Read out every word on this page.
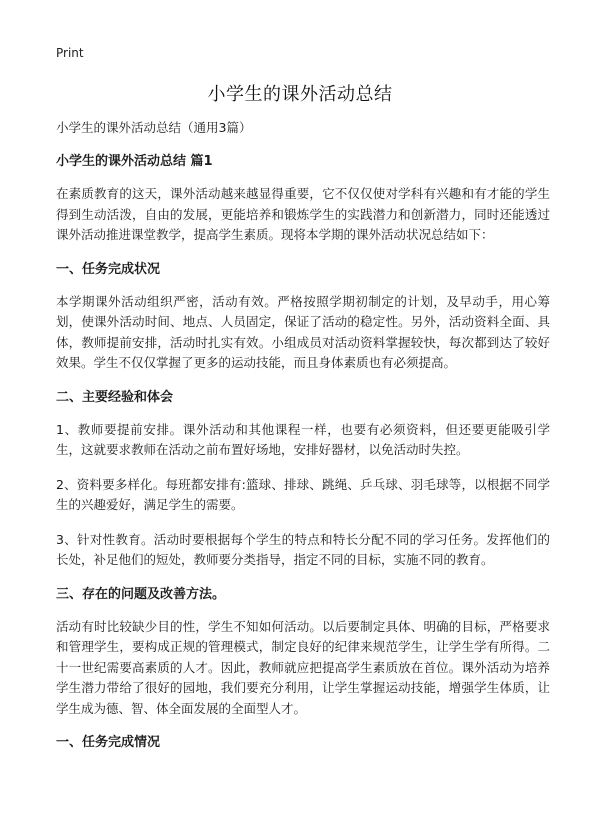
Print
小学生的课外活动总结

小学生的课外活动总结（通用3篇）

小学生的课外活动总结 篇1

在素质教育的这天，课外活动越来越显得重要，它不仅仅使对学科有兴趣和有才能的学生得到生动活泼，自由的发展，更能培养和锻炼学生的实践潜力和创新潜力，同时还能透过课外活动推进课堂教学，提高学生素质。现将本学期的课外活动状况总结如下：

一、任务完成状况

本学期课外活动组织严密，活动有效。严格按照学期初制定的计划，及早动手，用心筹划，使课外活动时间、地点、人员固定，保证了活动的稳定性。另外，活动资料全面、具体，教师提前安排，活动时扎实有效。小组成员对活动资料掌握较快，每次都到达了较好效果。学生不仅仅掌握了更多的运动技能，而且身体素质也有必须提高。

二、主要经验和体会

1、教师要提前安排。课外活动和其他课程一样，也要有必须资料，但还要更能吸引学生，这就要求教师在活动之前布置好场地，安排好器材，以免活动时失控。

2、资料要多样化。每班都安排有:篮球、排球、跳绳、乒乓球、羽毛球等，以根据不同学生的兴趣爱好，满足学生的需要。

3、针对性教育。活动时要根据每个学生的特点和特长分配不同的学习任务。发挥他们的长处，补足他们的短处，教师要分类指导，指定不同的目标，实施不同的教育。

三、存在的问题及改善方法。

活动有时比较缺少目的性，学生不知如何活动。以后要制定具体、明确的目标，严格要求和管理学生，要构成正规的管理模式，制定良好的纪律来规范学生，让学生学有所得。二十一世纪需要高素质的人才。因此，教师就应把提高学生素质放在首位。课外活动为培养学生潜力带给了很好的园地，我们要充分利用，让学生掌握运动技能，增强学生体质，让学生成为德、智、体全面发展的全面型人才。

一、任务完成情况
